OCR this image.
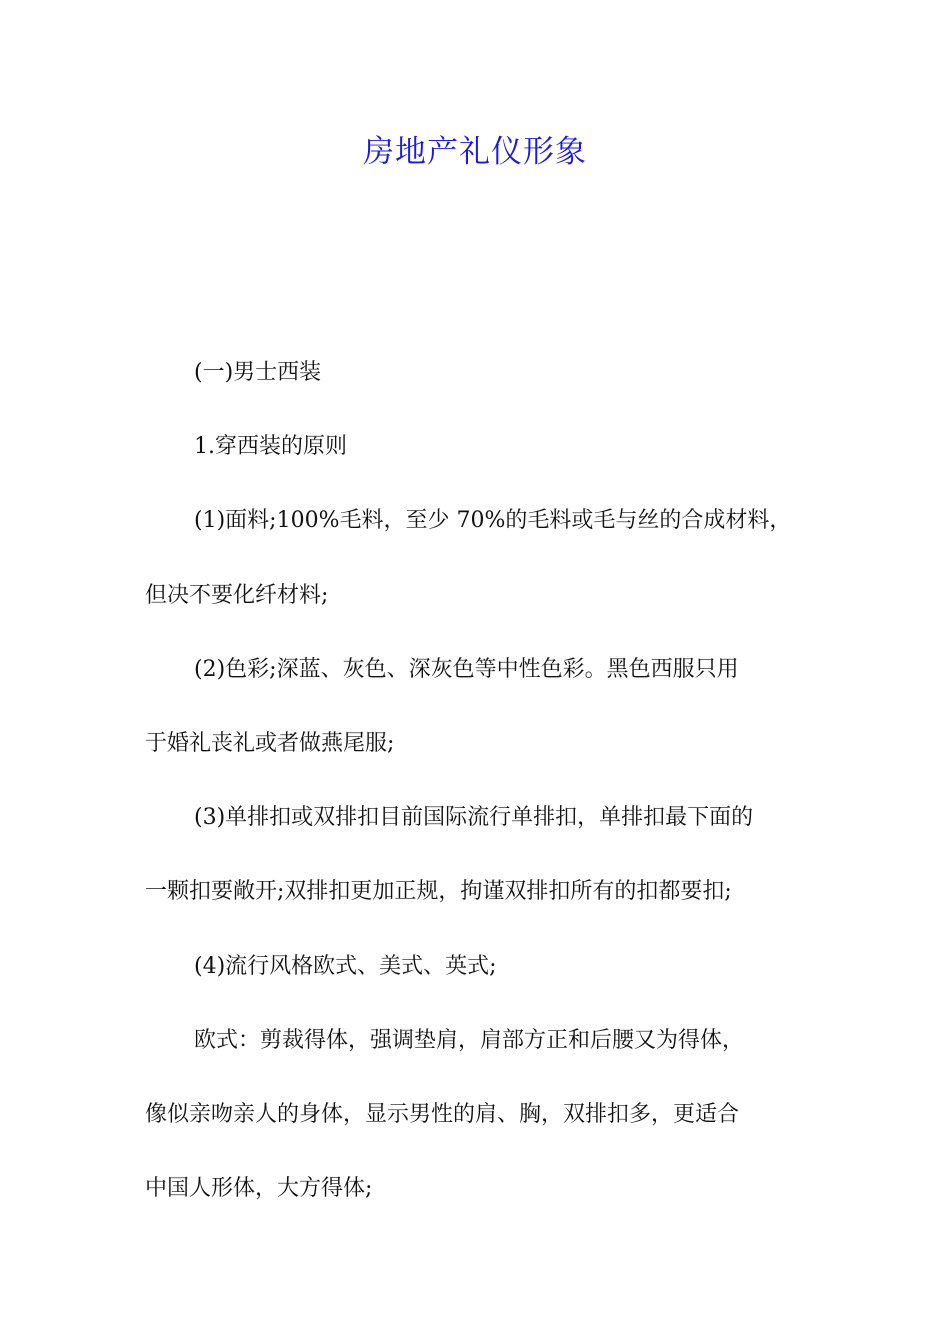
房地产礼仪形象

(一)男士西装

1.穿西装的原则

(1)面料;100%毛料，至少 70%的毛料或毛与丝的合成材料，

但决不要化纤材料;

(2)色彩;深蓝、灰色、深灰色等中性色彩。黑色西服只用

于婚礼丧礼或者做燕尾服;

(3)单排扣或双排扣目前国际流行单排扣，单排扣最下面的

一颗扣要敞开;双排扣更加正规，拘谨双排扣所有的扣都要扣;

(4)流行风格欧式、美式、英式;

欧式：剪裁得体，强调垫肩，肩部方正和后腰又为得体，

像似亲吻亲人的身体，显示男性的肩、胸，双排扣多，更适合

中国人形体，大方得体;
